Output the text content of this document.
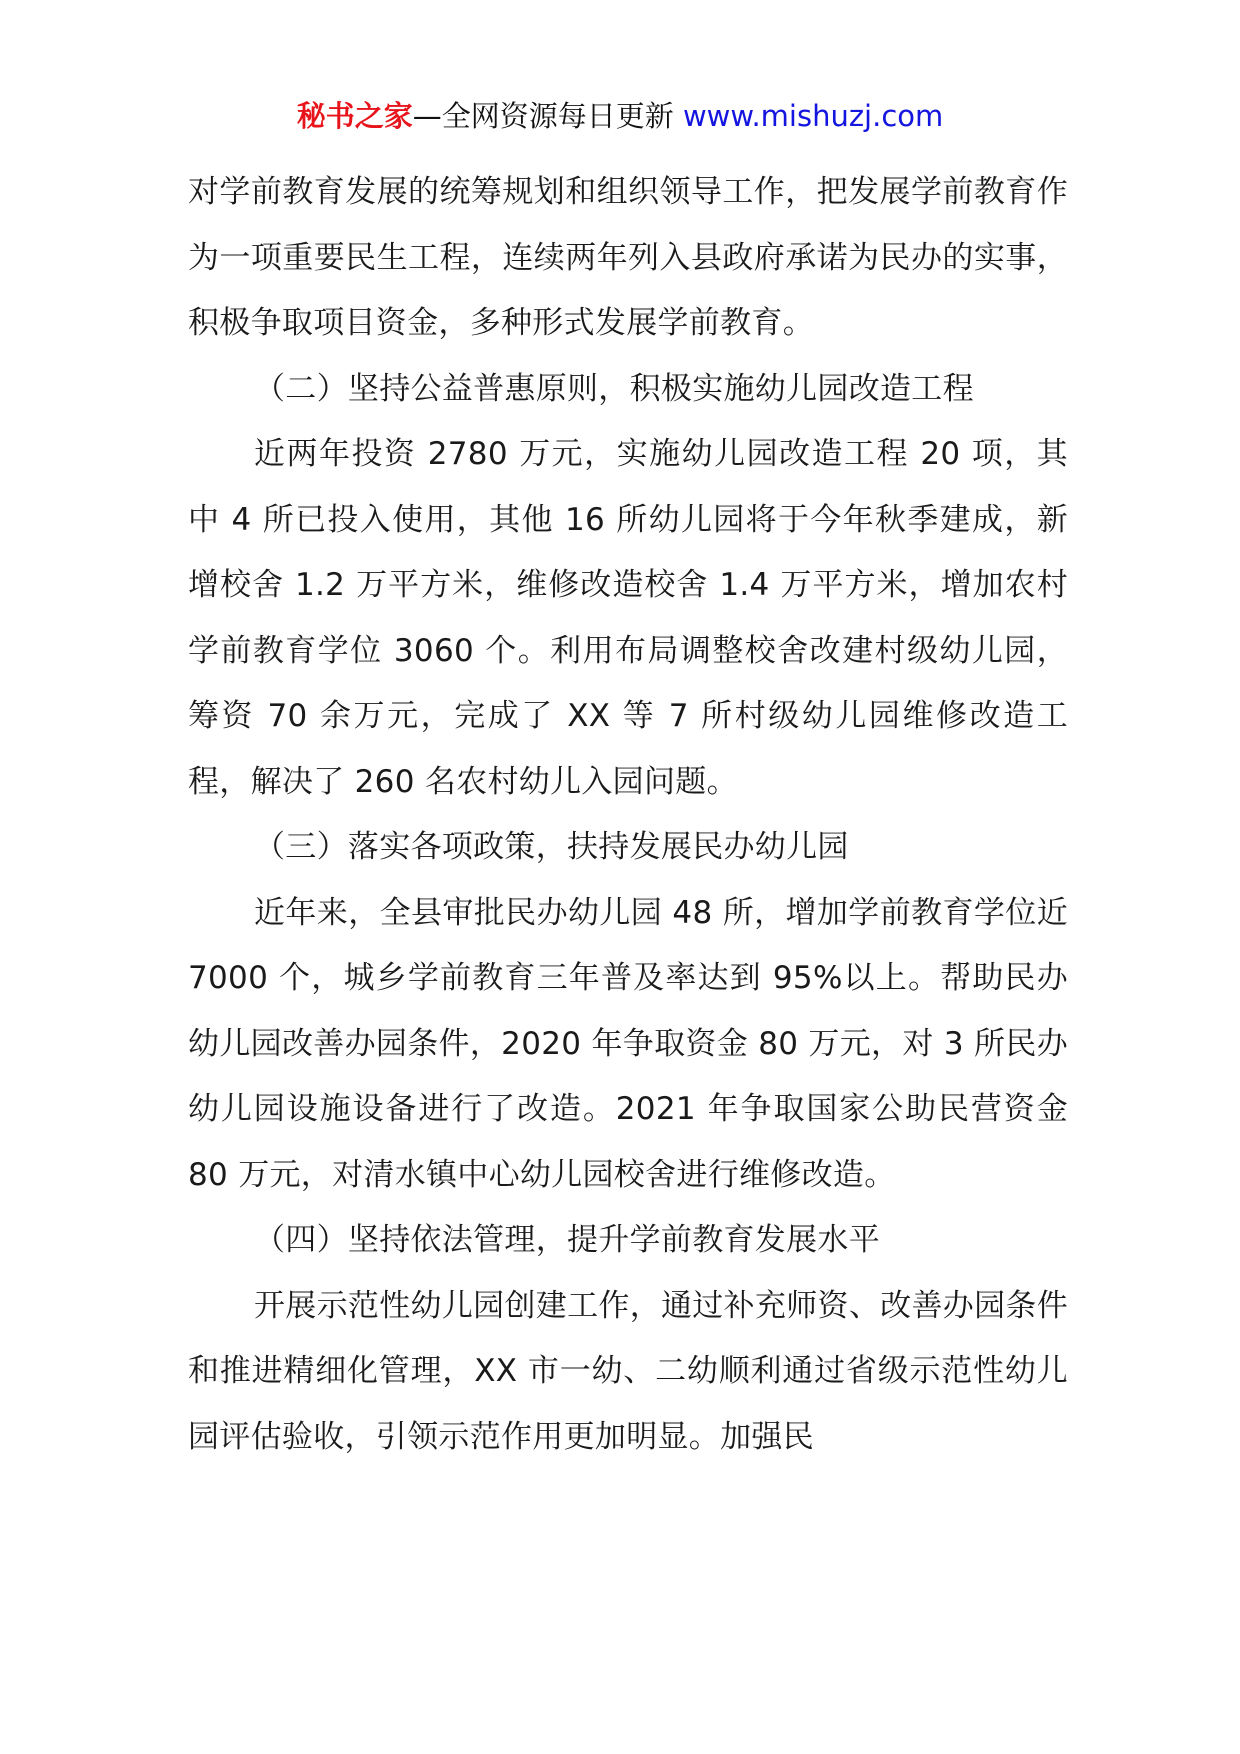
秘书之家—全网资源每日更新 www.mishuzj.com

对学前教育发展的统筹规划和组织领导工作，把发展学前教育作为一项重要民生工程，连续两年列入县政府承诺为民办的实事，积极争取项目资金，多种形式发展学前教育。

（二）坚持公益普惠原则，积极实施幼儿园改造工程

近两年投资 2780 万元，实施幼儿园改造工程 20 项，其中 4 所已投入使用，其他 16 所幼儿园将于今年秋季建成，新增校舍 1.2 万平方米，维修改造校舍 1.4 万平方米，增加农村学前教育学位 3060 个。利用布局调整校舍改建村级幼儿园，筹资 70 余万元，完成了 XX 等 7 所村级幼儿园维修改造工程，解决了 260 名农村幼儿入园问题。

（三）落实各项政策，扶持发展民办幼儿园

近年来，全县审批民办幼儿园 48 所，增加学前教育学位近 7000 个，城乡学前教育三年普及率达到 95%以上。帮助民办幼儿园改善办园条件，2020 年争取资金 80 万元，对 3 所民办幼儿园设施设备进行了改造。2021 年争取国家公助民营资金 80 万元，对清水镇中心幼儿园校舍进行维修改造。

（四）坚持依法管理，提升学前教育发展水平

开展示范性幼儿园创建工作，通过补充师资、改善办园条件和推进精细化管理，XX 市一幼、二幼顺利通过省级示范性幼儿园评估验收，引领示范作用更加明显。加强民
